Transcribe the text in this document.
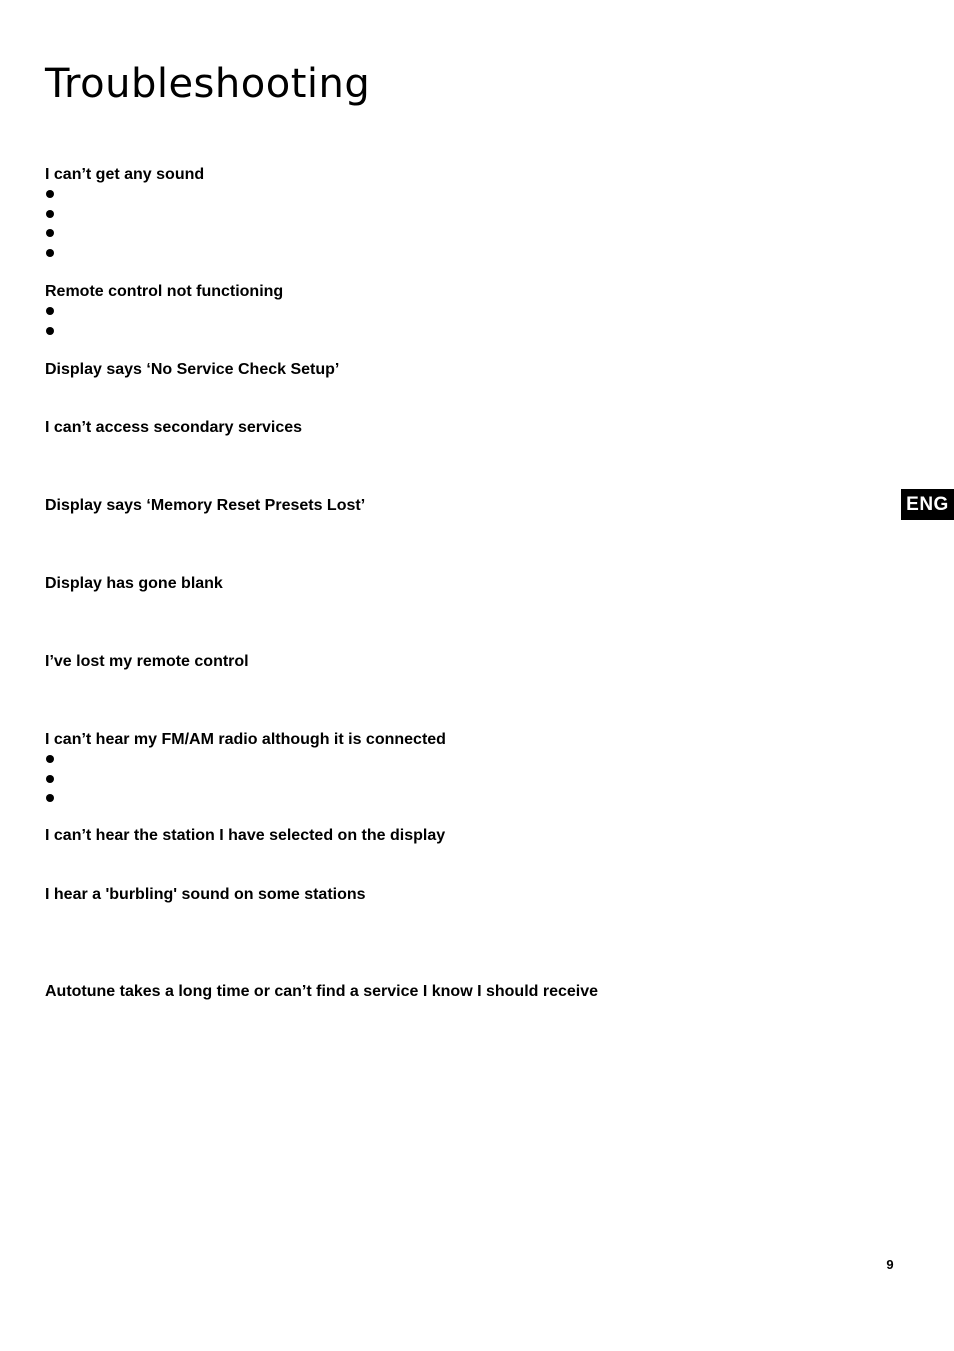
Troubleshooting
I can’t get any sound
Remote control not functioning
Display says ‘No Service Check Setup’
I can’t access secondary services
Display says ‘Memory Reset Presets Lost’
Display has gone blank
I’ve lost my remote control
I can’t hear my FM/AM radio although it is connected
I can’t hear the station I have selected on the display
I hear a 'burbling' sound on some stations
Autotune takes a long time or can’t find a service I know I should receive
ENG
9
